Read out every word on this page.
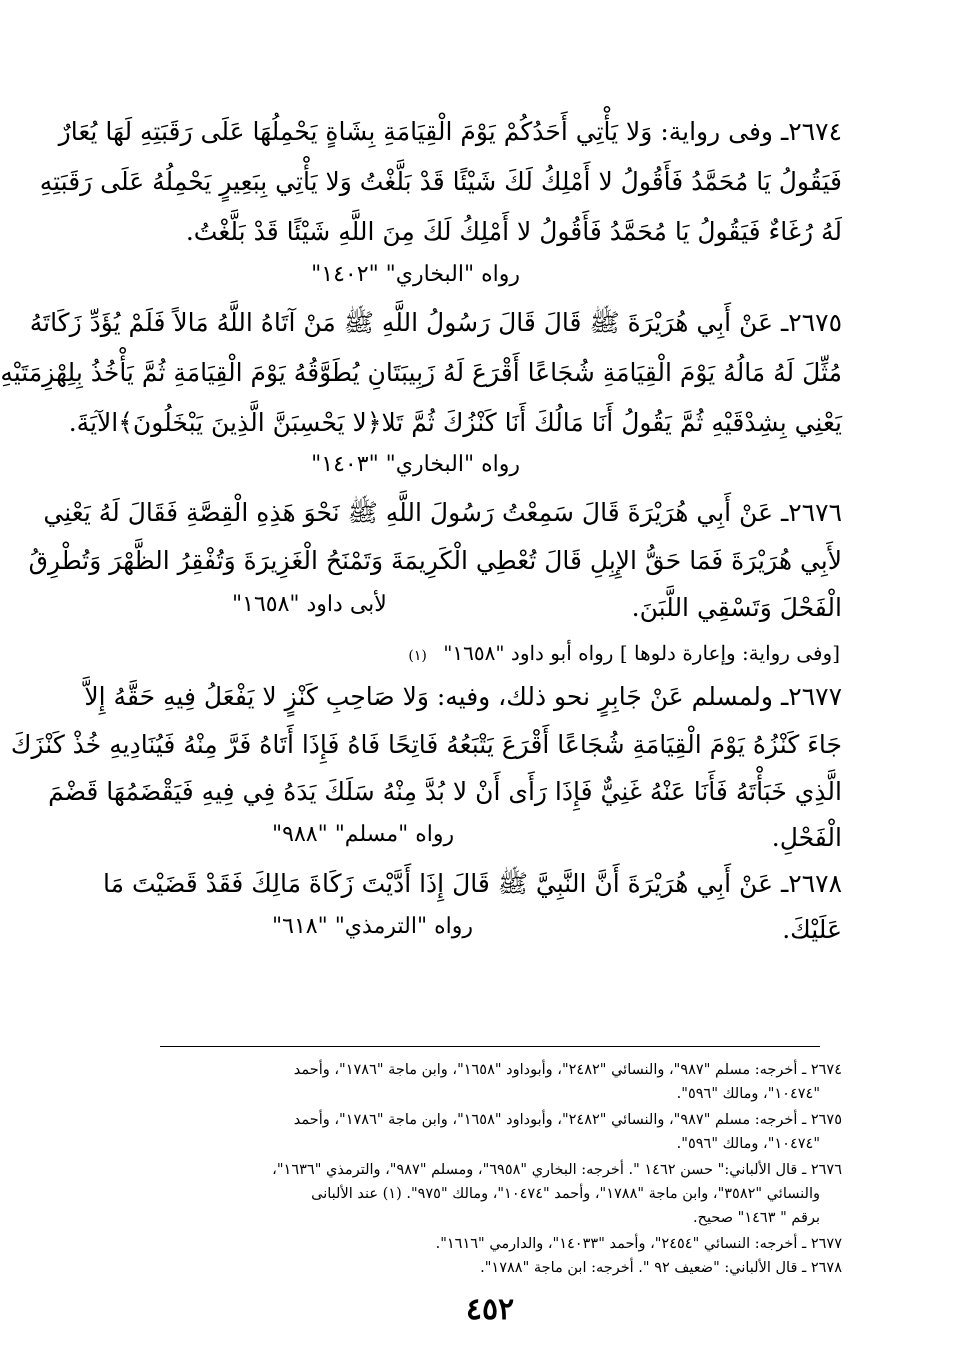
٢٦٧٤ـ وفى رواية: وَلا يَأْتِي أَحَدُكُمْ يَوْمَ الْقِيَامَةِ بِشَاةٍ يَحْمِلُهَا عَلَى رَقَبَتِهِ لَهَا يُعَارٌ
فَيَقُولُ يَا مُحَمَّدُ فَأَقُولُ لا أَمْلِكُ لَكَ شَيْئًا قَدْ بَلَّغْتُ وَلا يَأْتِي بِبَعِيرٍ يَحْمِلُهُ عَلَى رَقَبَتِهِ
لَهُ رُغَاءٌ فَيَقُولُ يَا مُحَمَّدُ فَأَقُولُ لا أَمْلِكُ لَكَ مِنَ اللَّهِ شَيْئًا قَدْ بَلَّغْتُ.
رواه "البخاري" "١٤٠٢"
٢٦٧٥ـ عَنْ أَبِي هُرَيْرَةَ ﷺ قَالَ قَالَ رَسُولُ اللَّهِ ﷺ مَنْ آتَاهُ اللَّهُ مَالاً فَلَمْ يُؤَدِّ زَكَاتَهُ
مُثِّلَ لَهُ مَالُهُ يَوْمَ الْقِيَامَةِ شُجَاعًا أَقْرَعَ لَهُ زَبِيبَتَانِ يُطَوَّقُهُ يَوْمَ الْقِيَامَةِ ثُمَّ يَأْخُذُ بِلِهْزِمَتَيْهِ
يَعْنِي بِشِدْقَيْهِ ثُمَّ يَقُولُ أَنَا مَالُكَ أَنَا كَنْزُكَ ثُمَّ تَلا﴿لا يَحْسِبَنَّ الَّذِينَ يَبْخَلُونَ﴾الآيَةَ.
رواه "البخاري" "١٤٠٣"
٢٦٧٦ـ عَنْ أَبِي هُرَيْرَةَ قَالَ سَمِعْتُ رَسُولَ اللَّهِ ﷺ نَحْوَ هَذِهِ الْقِصَّةِ فَقَالَ لَهُ يَعْنِي
لأَبِي هُرَيْرَةَ فَمَا حَقُّ الإِبِلِ قَالَ تُعْطِي الْكَرِيمَةَ وَتَمْنَحُ الْغَزِيرَةَ وَتُفْقِرُ الظَّهْرَ وَتُطْرِقُ
الْفَحْلَ وَتَسْقِي اللَّبَنَ.
لأبى داود "١٦٥٨"
[وفى رواية: وإعارة دلوها ] رواه أبو داود "١٦٥٨" (١)
٢٦٧٧ـ ولمسلم عَنْ جَابِرٍ نحو ذلك، وفيه: وَلا صَاحِبِ كَنْزٍ لا يَفْعَلُ فِيهِ حَقَّهُ إِلاَّ
جَاءَ كَنْزُهُ يَوْمَ الْقِيَامَةِ شُجَاعًا أَقْرَعَ يَتْبَعُهُ فَاتِحًا فَاهُ فَإِذَا أَتَاهُ فَرَّ مِنْهُ فَيُنَادِيهِ خُذْ كَنْزَكَ
الَّذِي خَبَأْتَهُ فَأَنَا عَنْهُ غَنِيٌّ فَإِذَا رَأَى أَنْ لا بُدَّ مِنْهُ سَلَكَ يَدَهُ فِي فِيهِ فَيَقْضَمُهَا قَضْمَ
الْفَحْلِ.
رواه "مسلم" "٩٨٨"
٢٦٧٨ـ عَنْ أَبِي هُرَيْرَةَ أَنَّ النَّبِيَّ ﷺ قَالَ إِذَا أَدَّيْتَ زَكَاةَ مَالِكَ فَقَدْ قَضَيْتَ مَا
عَلَيْكَ.
رواه "الترمذي" "٦١٨"
٢٦٧٤ ـ أخرجه: مسلم "٩٨٧"، والنسائي "٢٤٨٢"، وأبوداود "١٦٥٨"، وابن ماجة "١٧٨٦"، وأحمد
"١٠٤٧٤"، ومالك "٥٩٦".
٢٦٧٥ ـ أخرجه: مسلم "٩٨٧"، والنسائي "٢٤٨٢"، وأبوداود "١٦٥٨"، وابن ماجة "١٧٨٦"، وأحمد
"١٠٤٧٤"، ومالك "٥٩٦".
٢٦٧٦ ـ قال الألباني:" حسن ١٤٦٢ ". أخرجه: البخاري "٦٩٥٨"، ومسلم "٩٨٧"، والترمذي "١٦٣٦"،
والنسائي "٣٥٨٢"، وابن ماجة "١٧٨٨"، وأحمد "١٠٤٧٤"، ومالك "٩٧٥". (١) عند الألبانى
برقم " ١٤٦٣" صحيح.
٢٦٧٧ ـ أخرجه: النسائي "٢٤٥٤"، وأحمد "١٤٠٣٣"، والدارمي "١٦١٦".
٢٦٧٨ ـ قال الألباني: "ضعيف ٩٢ ". أخرجه: ابن ماجة "١٧٨٨".
٤٥٢
